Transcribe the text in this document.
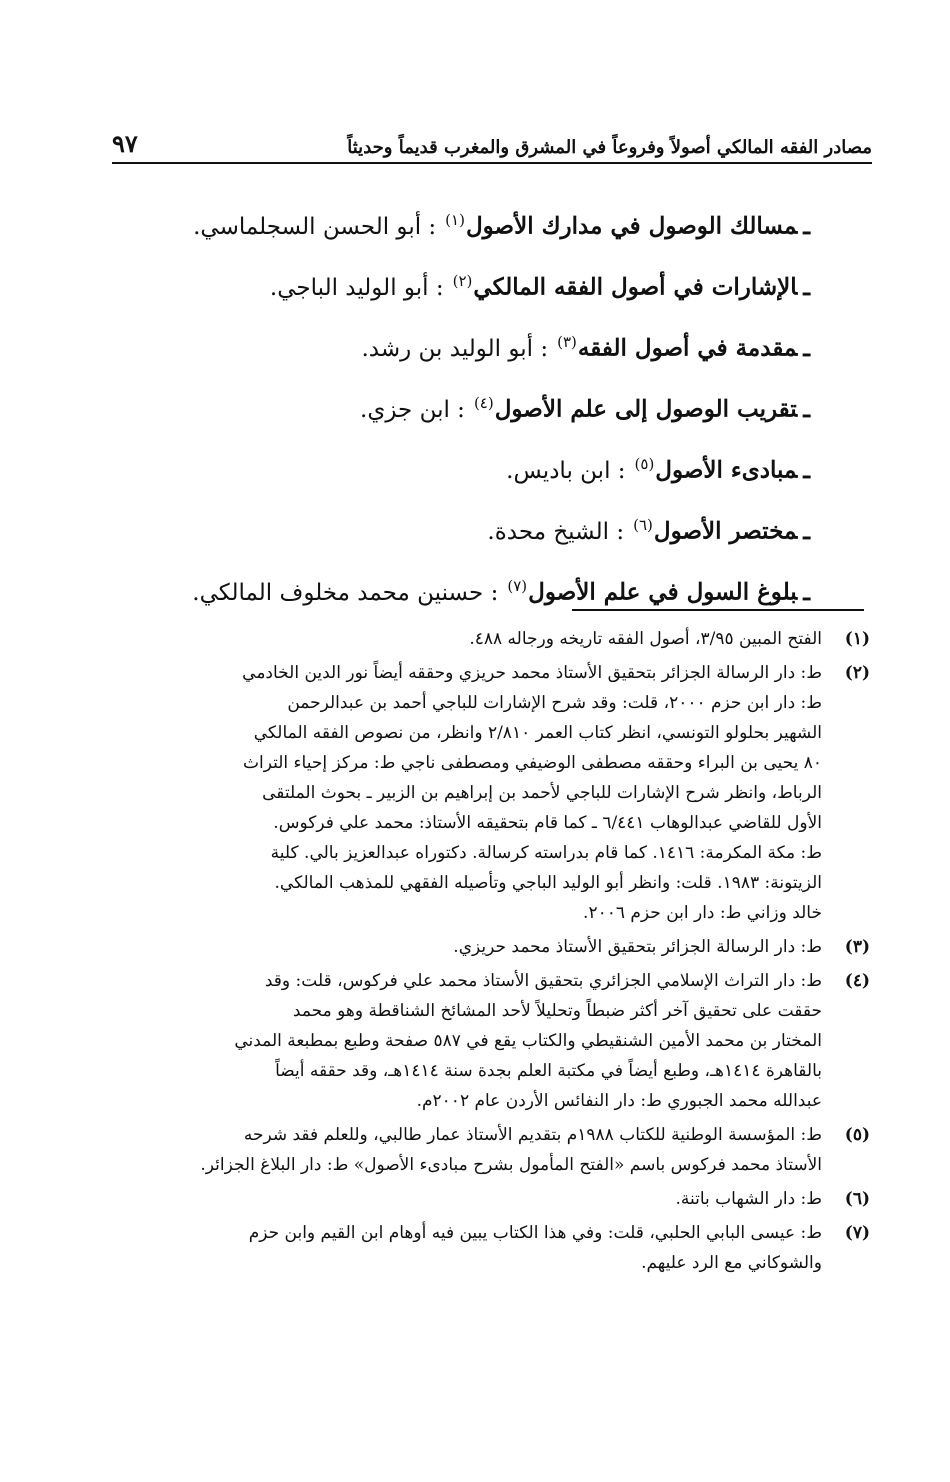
مصادر الفقه المالكي أصولاً وفروعاً في المشرق والمغرب قديماً وحديثاً
٩٧
ـمسالك الوصول في مدارك الأصول$^{(١)}$: أبو الحسن السجلماسي.
ـالإشارات في أصول الفقه المالكي$^{(٢)}$: أبو الوليد الباجي.
ـمقدمة في أصول الفقه$^{(٣)}$: أبو الوليد بن رشد.
ـتقريب الوصول إلى علم الأصول$^{(٤)}$: ابن جزي.
ـمبادىء الأصول$^{(٥)}$: ابن باديس.
ـمختصر الأصول$^{(٦)}$: الشيخ محدة.
ـبلوغ السول في علم الأصول$^{(٧)}$: حسنين محمد مخلوف المالكي.
(١)
الفتح المبين ٣/٩٥، أصول الفقه تاريخه ورجاله ٤٨٨.
(٢)
ط: دار الرسالة الجزائر بتحقيق الأستاذ محمد حريزي وحققه أيضاً نور الدين الخادمي
ط: دار ابن حزم ٢٠٠٠، قلت: وقد شرح الإشارات للباجي أحمد بن عبدالرحمن
الشهير بحلولو التونسي، انظر كتاب العمر ٢/٨١٠ وانظر، من نصوص الفقه المالكي
٨٠ يحيى بن البراء وحققه مصطفى الوضيفي ومصطفى ناجي ط: مركز إحياء التراث
الرباط، وانظر شرح الإشارات للباجي لأحمد بن إبراهيم بن الزبير ـ بحوث الملتقى
الأول للقاضي عبدالوهاب ٦/٤٤١ ـ كما قام بتحقيقه الأستاذ: محمد علي فركوس.
ط: مكة المكرمة: ١٤١٦. كما قام بدراسته كرسالة. دكتوراه عبدالعزيز بالي. كلية
الزيتونة: ١٩٨٣. قلت: وانظر أبو الوليد الباجي وتأصيله الفقهي للمذهب المالكي.
خالد وزاني ط: دار ابن حزم ٢٠٠٦.
(٣)
ط: دار الرسالة الجزائر بتحقيق الأستاذ محمد حريزي.
(٤)
ط: دار التراث الإسلامي الجزائري بتحقيق الأستاذ محمد علي فركوس، قلت: وقد
حققت على تحقيق آخر أكثر ضبطاً وتحليلاً لأحد المشائخ الشناقطة وهو محمد
المختار بن محمد الأمين الشنقيطي والكتاب يقع في ٥٨٧ صفحة وطبع بمطبعة المدني
بالقاهرة ١٤١٤هـ، وطبع أيضاً في مكتبة العلم بجدة سنة ١٤١٤هـ، وقد حققه أيضاً
عبدالله محمد الجبوري ط: دار النفائس الأردن عام ٢٠٠٢م.
(٥)
ط: المؤسسة الوطنية للكتاب ١٩٨٨م بتقديم الأستاذ عمار طالبي، وللعلم فقد شرحه
الأستاذ محمد فركوس باسم «الفتح المأمول بشرح مبادىء الأصول» ط: دار البلاغ الجزائر.
(٦)
ط: دار الشهاب باتنة.
(٧)
ط: عيسى البابي الحلبي، قلت: وفي هذا الكتاب يبين فيه أوهام ابن القيم وابن حزم
والشوكاني مع الرد عليهم.
